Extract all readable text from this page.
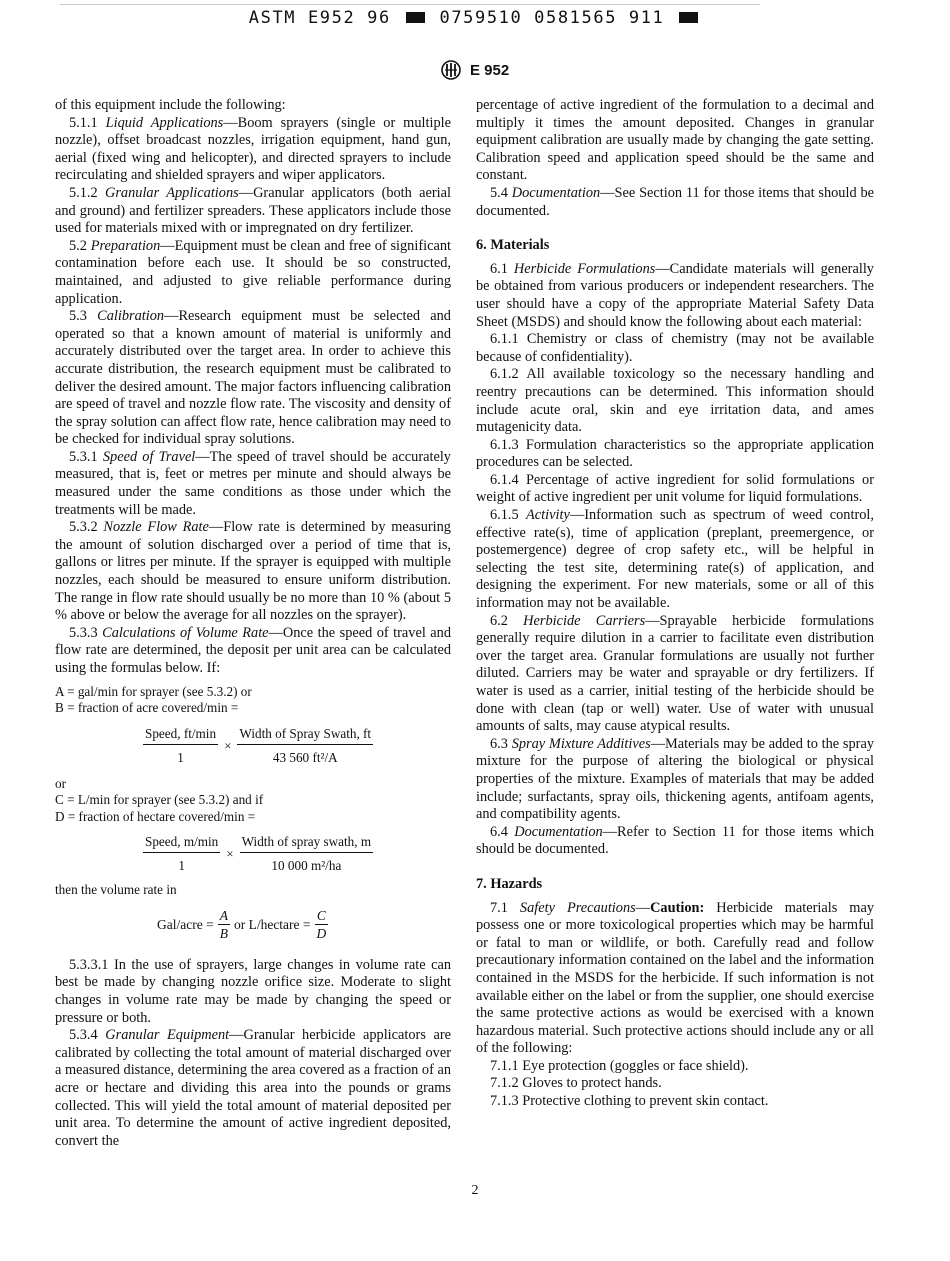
ASTM E952 96	0759510 0581565 911
E 952

of this equipment include the following:

5.1.1 Liquid Applications—Boom sprayers (single or multiple nozzle), offset broadcast nozzles, irrigation equipment, hand gun, aerial (fixed wing and helicopter), and directed sprayers to include recirculating and shielded sprayers and wiper applicators.

5.1.2 Granular Applications—Granular applicators (both aerial and ground) and fertilizer spreaders. These applicators include those used for materials mixed with or impregnated on dry fertilizer.

5.2 Preparation—Equipment must be clean and free of significant contamination before each use. It should be so constructed, maintained, and adjusted to give reliable performance during application.

5.3 Calibration—Research equipment must be selected and operated so that a known amount of material is uniformly and accurately distributed over the target area. In order to achieve this accurate distribution, the research equipment must be calibrated to deliver the desired amount. The major factors influencing calibration are speed of travel and nozzle flow rate. The viscosity and density of the spray solution can affect flow rate, hence calibration may need to be checked for individual spray solutions.

5.3.1 Speed of Travel—The speed of travel should be accurately measured, that is, feet or metres per minute and should always be measured under the same conditions as those under which the treatments will be made.

5.3.2 Nozzle Flow Rate—Flow rate is determined by measuring the amount of solution discharged over a period of time that is, gallons or litres per minute. If the sprayer is equipped with multiple nozzles, each should be measured to ensure uniform distribution. The range in flow rate should usually be no more than 10 % (about 5 % above or below the average for all nozzles on the sprayer).

5.3.3 Calculations of Volume Rate—Once the speed of travel and flow rate are determined, the deposit per unit area can be calculated using the formulas below. If:

A = gal/min for sprayer (see 5.3.2) or
B = fraction of acre covered/min =
$\frac{\text{Speed, ft/min}}{1} \times \frac{\text{Width of Spray Swath, ft}}{\text{43 560 ft²/A}}$
or
C = L/min for sprayer (see 5.3.2) and if
D = fraction of hectare covered/min =
$\frac{\text{Speed, m/min}}{1} \times \frac{\text{Width of spray swath, m}}{\text{10 000 m²/ha}}$
then the volume rate in
Gal/acre = $\frac{A}{B}$ or L/hectare = $\frac{C}{D}$

5.3.3.1 In the use of sprayers, large changes in volume rate can best be made by changing nozzle orifice size. Moderate to slight changes in volume rate may be made by changing the speed or pressure or both.

5.3.4 Granular Equipment—Granular herbicide applicators are calibrated by collecting the total amount of material discharged over a measured distance, determining the area covered as a fraction of an acre or hectare and dividing this area into the pounds or grams collected. This will yield the total amount of material deposited per unit area. To determine the amount of active ingredient deposited, convert the

percentage of active ingredient of the formulation to a decimal and multiply it times the amount deposited. Changes in granular equipment calibration are usually made by changing the gate setting. Calibration speed and application speed should be the same and constant.

5.4 Documentation—See Section 11 for those items that should be documented.

6. Materials

6.1 Herbicide Formulations—Candidate materials will generally be obtained from various producers or independent researchers. The user should have a copy of the appropriate Material Safety Data Sheet (MSDS) and should know the following about each material:

6.1.1 Chemistry or class of chemistry (may not be available because of confidentiality).

6.1.2 All available toxicology so the necessary handling and reentry precautions can be determined. This information should include acute oral, skin and eye irritation data, and ames mutagenicity data.

6.1.3 Formulation characteristics so the appropriate application procedures can be selected.

6.1.4 Percentage of active ingredient for solid formulations or weight of active ingredient per unit volume for liquid formulations.

6.1.5 Activity—Information such as spectrum of weed control, effective rate(s), time of application (preplant, preemergence, or postemergence) degree of crop safety etc., will be helpful in selecting the test site, determining rate(s) of application, and designing the experiment. For new materials, some or all of this information may not be available.

6.2 Herbicide Carriers—Sprayable herbicide formulations generally require dilution in a carrier to facilitate even distribution over the target area. Granular formulations are usually not further diluted. Carriers may be water and sprayable or dry fertilizers. If water is used as a carrier, initial testing of the herbicide should be done with clean (tap or well) water. Use of water with unusual amounts of salts, may cause atypical results.

6.3 Spray Mixture Additives—Materials may be added to the spray mixture for the purpose of altering the biological or physical properties of the mixture. Examples of materials that may be added include; surfactants, spray oils, thickening agents, antifoam agents, and compatibility agents.

6.4 Documentation—Refer to Section 11 for those items which should be documented.

7. Hazards

7.1 Safety Precautions—Caution: Herbicide materials may possess one or more toxicological properties which may be harmful or fatal to man or wildlife, or both. Carefully read and follow precautionary information contained on the label and the information contained in the MSDS for the herbicide. If such information is not available either on the label or from the supplier, one should exercise the same protective actions as would be exercised with a known hazardous material. Such protective actions should include any or all of the following:

7.1.1 Eye protection (goggles or face shield).

7.1.2 Gloves to protect hands.

7.1.3 Protective clothing to prevent skin contact.

2
